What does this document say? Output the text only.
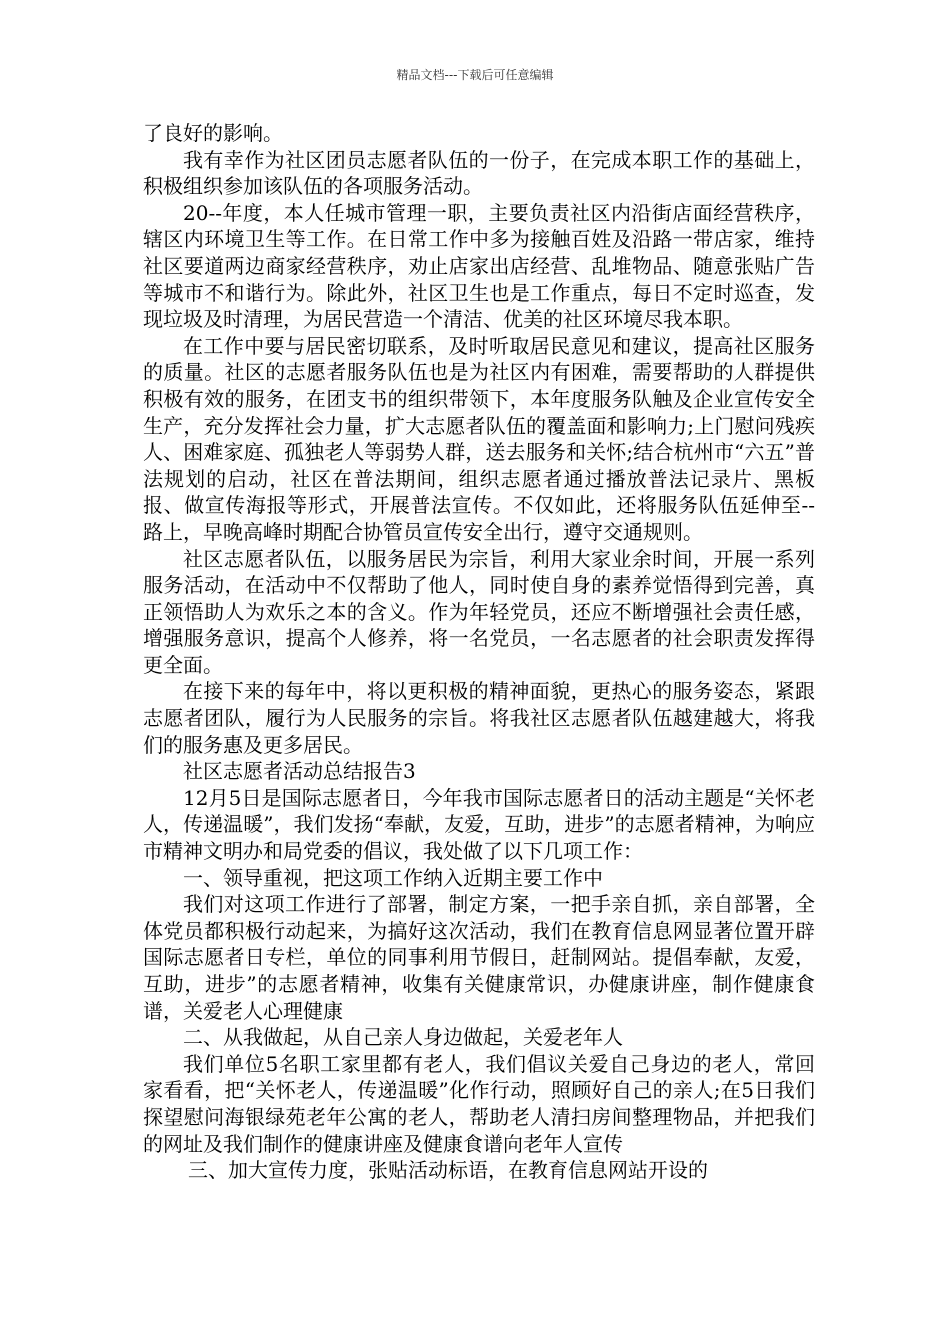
精品文档---下载后可任意编辑

了良好的影响。

我有幸作为社区团员志愿者队伍的一份子，在完成本职工作的基础上，积极组织参加该队伍的各项服务活动。

20--年度，本人任城市管理一职，主要负责社区内沿街店面经营秩序，辖区内环境卫生等工作。在日常工作中多为接触百姓及沿路一带店家，维持社区要道两边商家经营秩序，劝止店家出店经营、乱堆物品、随意张贴广告等城市不和谐行为。除此外，社区卫生也是工作重点，每日不定时巡查，发现垃圾及时清理，为居民营造一个清洁、优美的社区环境尽我本职。

在工作中要与居民密切联系，及时听取居民意见和建议，提高社区服务的质量。社区的志愿者服务队伍也是为社区内有困难，需要帮助的人群提供积极有效的服务，在团支书的组织带领下，本年度服务队触及企业宣传安全生产，充分发挥社会力量，扩大志愿者队伍的覆盖面和影响力;上门慰问残疾人、困难家庭、孤独老人等弱势人群，送去服务和关怀;结合杭州市“六五”普法规划的启动，社区在普法期间，组织志愿者通过播放普法记录片、黑板报、做宣传海报等形式，开展普法宣传。不仅如此，还将服务队伍延伸至--路上，早晚高峰时期配合协管员宣传安全出行，遵守交通规则。

社区志愿者队伍，以服务居民为宗旨，利用大家业余时间，开展一系列服务活动，在活动中不仅帮助了他人，同时使自身的素养觉悟得到完善，真正领悟助人为欢乐之本的含义。作为年轻党员，还应不断增强社会责任感，增强服务意识，提高个人修养，将一名党员，一名志愿者的社会职责发挥得更全面。

在接下来的每年中，将以更积极的精神面貌，更热心的服务姿态，紧跟志愿者团队，履行为人民服务的宗旨。将我社区志愿者队伍越建越大，将我们的服务惠及更多居民。

社区志愿者活动总结报告3

12月5日是国际志愿者日，今年我市国际志愿者日的活动主题是“关怀老人，传递温暖”，我们发扬“奉献，友爱，互助，进步”的志愿者精神，为响应市精神文明办和局党委的倡议，我处做了以下几项工作：

一、领导重视，把这项工作纳入近期主要工作中

我们对这项工作进行了部署，制定方案，一把手亲自抓，亲自部署，全体党员都积极行动起来，为搞好这次活动，我们在教育信息网显著位置开辟国际志愿者日专栏，单位的同事利用节假日，赶制网站。提倡奉献，友爱，互助，进步”的志愿者精神，收集有关健康常识，办健康讲座，制作健康食谱，关爱老人心理健康

二、从我做起，从自己亲人身边做起，关爱老年人

我们单位5名职工家里都有老人，我们倡议关爱自己身边的老人，常回家看看，把“关怀老人，传递温暖”化作行动，照顾好自己的亲人;在5日我们探望慰问海银绿苑老年公寓的老人，帮助老人清扫房间整理物品，并把我们的网址及我们制作的健康讲座及健康食谱向老年人宣传

三、加大宣传力度，张贴活动标语，在教育信息网站开设的
